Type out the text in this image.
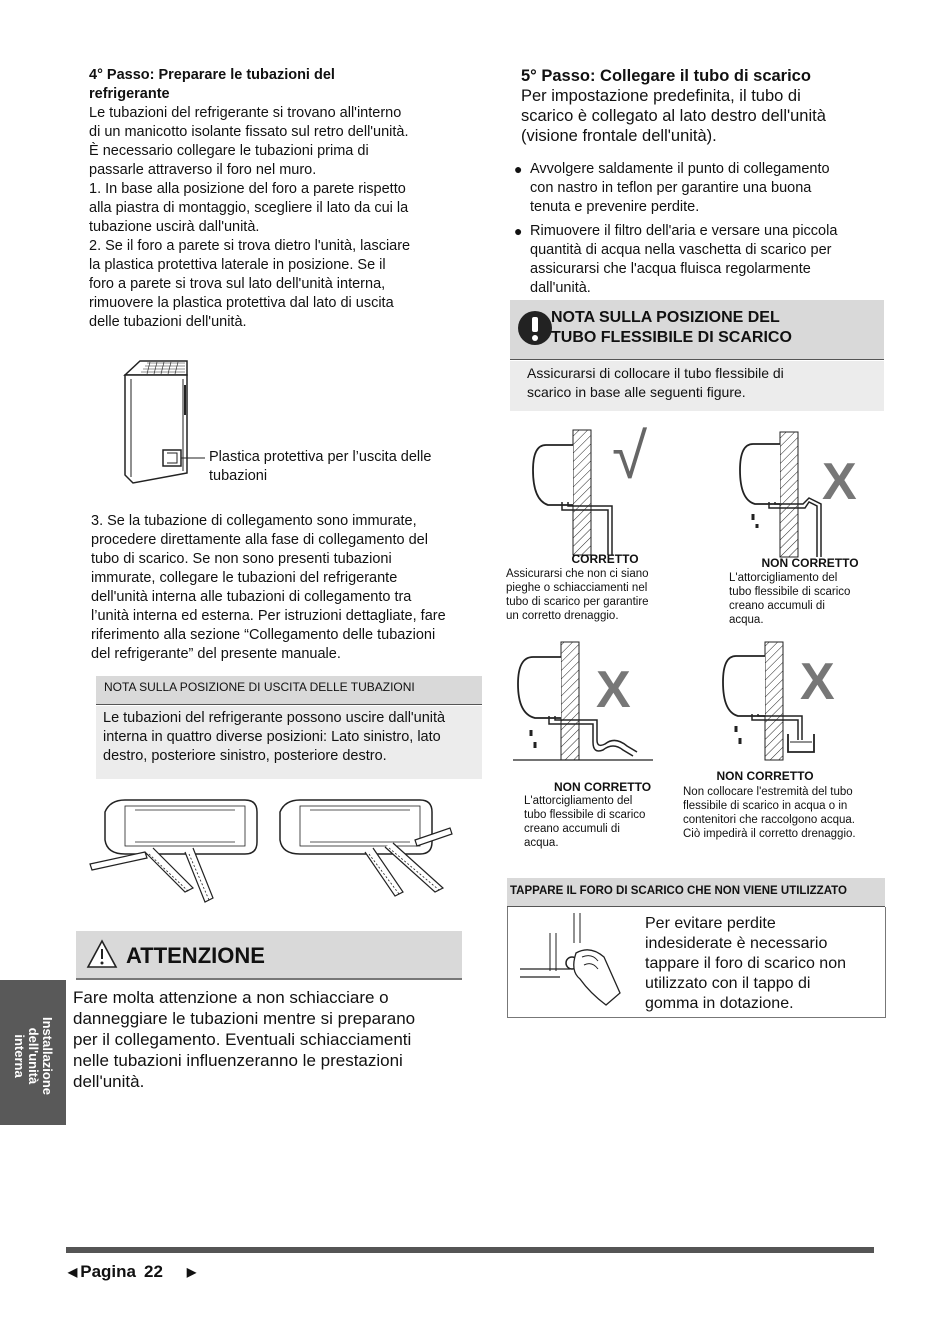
4° Passo: Preparare le tubazioni del refrigerante

Le tubazioni del refrigerante si trovano all'interno

di un manicotto isolante fissato sul retro dell'unità.

È necessario collegare le tubazioni prima di

passarle attraverso il foro nel muro.

1. In base alla posizione del foro a parete rispetto

alla piastra di montaggio, scegliere il lato da cui la

tubazione uscirà dall'unità.

2. Se il foro a parete si trova dietro l'unità, lasciare

la plastica protettiva laterale in posizione. Se il

foro a parete si trova sul lato dell'unità interna,

rimuovere la plastica protettiva dal lato di uscita

delle tubazioni dell'unità.

Plastica protettiva per l’uscita delle
tubazioni

3. Se la tubazione di collegamento sono immurate,

procedere direttamente alla fase di collegamento del

tubo di scarico. Se non sono presenti tubazioni

immurate, collegare le tubazioni del refrigerante

dell'unità interna alle tubazioni di collegamento tra

l’unità interna ed esterna. Per istruzioni dettagliate, fare

riferimento alla sezione “Collegamento delle tubazioni

del refrigerante” del presente manuale.

NOTA SULLA POSIZIONE DI USCITA DELLE TUBAZIONI
Le tubazioni del refrigerante possono uscire dall'unità
interna in quattro diverse posizioni: Lato sinistro, lato
destro, posteriore sinistro, posteriore destro.
ATTENZIONE
Fare molta attenzione a non schiacciare o
danneggiare le tubazioni mentre si preparano
per il collegamento. Eventuali schiacciamenti
nelle tubazioni influenzeranno le prestazioni
dell'unità.
Installazione
dell'unità
interna
5° Passo: Collegare il tubo di scarico
Per impostazione predefinita, il tubo di
scarico è collegato al lato destro dell'unità
(visione frontale dell'unità).
● Avvolgere saldamente il punto di collegamento
con nastro in teflon per garantire una buona
tenuta e prevenire perdite.
● Rimuovere il filtro dell'aria e versare una piccola
quantità di acqua nella vaschetta di scarico per
assicurarsi che l'acqua fluisca regolarmente
dall'unità.
NOTA SULLA POSIZIONE DEL
TUBO FLESSIBILE DI SCARICO
Assicurarsi di collocare il tubo flessibile di
scarico in base alle seguenti figure.
√
CORRETTO
Assicurarsi che non ci siano
pieghe o schiacciamenti nel
tubo di scarico per garantire
un corretto drenaggio.
X
NON CORRETTO
L'attorcigliamento del
tubo flessibile di scarico
creano accumuli di
acqua.
X
NON CORRETTO
L'attorcigliamento del
tubo flessibile di scarico
creano accumuli di
acqua.
X
NON CORRETTO
Non collocare l'estremità del tubo
flessibile di scarico in acqua o in
contenitori che raccolgono acqua.
Ciò impedirà il corretto drenaggio.
TAPPARE IL FORO DI SCARICO CHE NON VIENE UTILIZZATO
Per evitare perdite
indesiderate è necessario
tappare il foro di scarico non
utilizzato con il tappo di
gomma in dotazione.
◀ Pagina 22 ▶
